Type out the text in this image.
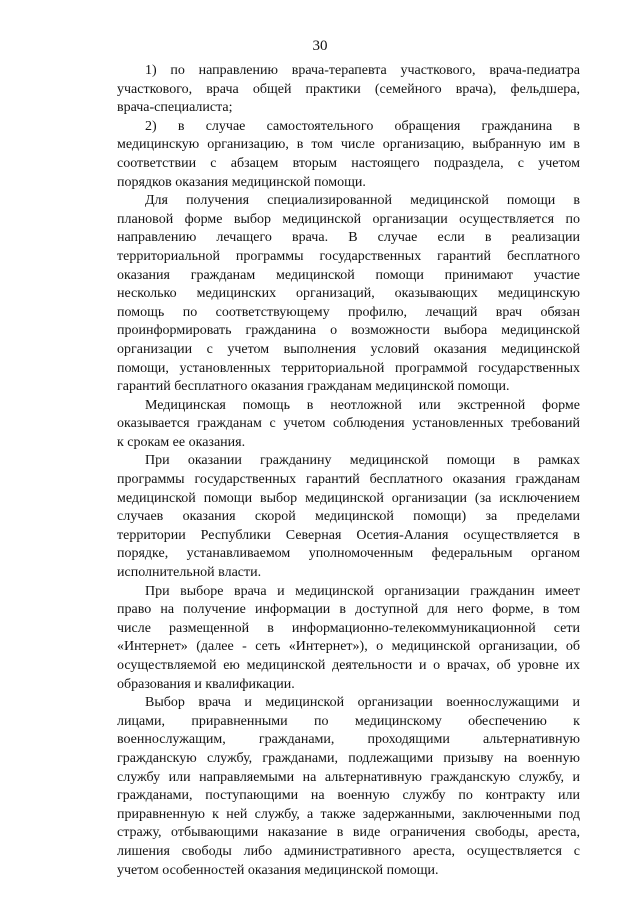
30
1) по направлению врача-терапевта участкового, врача-педиатра
участкового, врача общей практики (семейного врача), фельдшера,
врача-специалиста;
2) в случае самостоятельного обращения гражданина в
медицинскую организацию, в том числе организацию, выбранную им в
соответствии с абзацем вторым настоящего подраздела, с учетом
порядков оказания медицинской помощи.
Для получения специализированной медицинской помощи в
плановой форме выбор медицинской организации осуществляется по
направлению лечащего врача. В случае если в реализации
территориальной программы государственных гарантий бесплатного
оказания гражданам медицинской помощи принимают участие
несколько медицинских организаций, оказывающих медицинскую
помощь по соответствующему профилю, лечащий врач обязан
проинформировать гражданина о возможности выбора медицинской
организации с учетом выполнения условий оказания медицинской
помощи, установленных территориальной программой государственных
гарантий бесплатного оказания гражданам медицинской помощи.
Медицинская помощь в неотложной или экстренной форме
оказывается гражданам с учетом соблюдения установленных требований
к срокам ее оказания.
При оказании гражданину медицинской помощи в рамках
программы государственных гарантий бесплатного оказания гражданам
медицинской помощи выбор медицинской организации (за исключением
случаев оказания скорой медицинской помощи) за пределами
территории Республики Северная Осетия-Алания осуществляется в
порядке, устанавливаемом уполномоченным федеральным органом
исполнительной власти.
При выборе врача и медицинской организации гражданин имеет
право на получение информации в доступной для него форме, в том
числе размещенной в информационно-телекоммуникационной сети
«Интернет» (далее - сеть «Интернет»), о медицинской организации, об
осуществляемой ею медицинской деятельности и о врачах, об уровне их
образования и квалификации.
Выбор врача и медицинской организации военнослужащими и
лицами, приравненными по медицинскому обеспечению к
военнослужащим, гражданами, проходящими альтернативную
гражданскую службу, гражданами, подлежащими призыву на военную
службу или направляемыми на альтернативную гражданскую службу, и
гражданами, поступающими на военную службу по контракту или
приравненную к ней службу, а также задержанными, заключенными под
стражу, отбывающими наказание в виде ограничения свободы, ареста,
лишения свободы либо административного ареста, осуществляется с
учетом особенностей оказания медицинской помощи.
